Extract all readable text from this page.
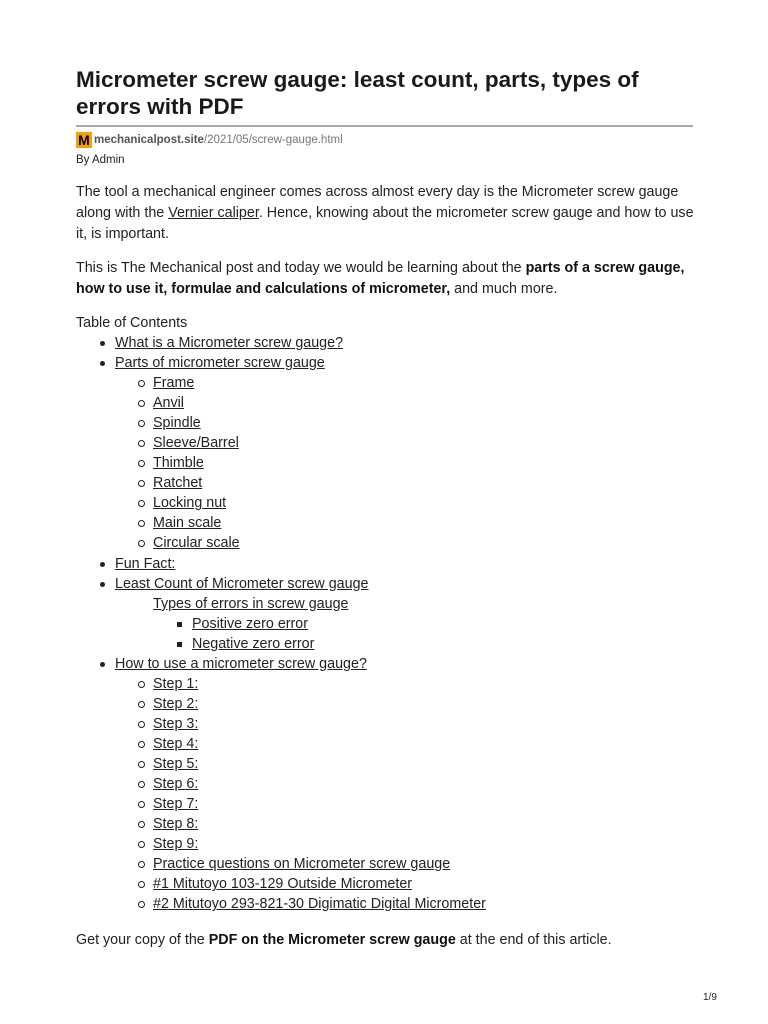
Micrometer screw gauge: least count, parts, types of errors with PDF
M mechanicalpost.site /2021/05/screw-gauge.html
By Admin

The tool a mechanical engineer comes across almost every day is the Micrometer screw gauge along with the Vernier caliper. Hence, knowing about the micrometer screw gauge and how to use it, is important.

This is The Mechanical post and today we would be learning about the parts of a screw gauge, how to use it, formulae and calculations of micrometer, and much more.

Table of Contents
What is a Micrometer screw gauge?
Parts of micrometer screw gauge
Frame
Anvil
Spindle
Sleeve/Barrel
Thimble
Ratchet
Locking nut
Main scale
Circular scale
Fun Fact:
Least Count of Micrometer screw gauge
Types of errors in screw gauge
Positive zero error
Negative zero error
How to use a micrometer screw gauge?
Step 1:
Step 2:
Step 3:
Step 4:
Step 5:
Step 6:
Step 7:
Step 8:
Step 9:
Practice questions on Micrometer screw gauge
#1 Mitutoyo 103-129 Outside Micrometer
#2 Mitutoyo 293-821-30 Digimatic Digital Micrometer

Get your copy of the PDF on the Micrometer screw gauge at the end of this article.

1/9
